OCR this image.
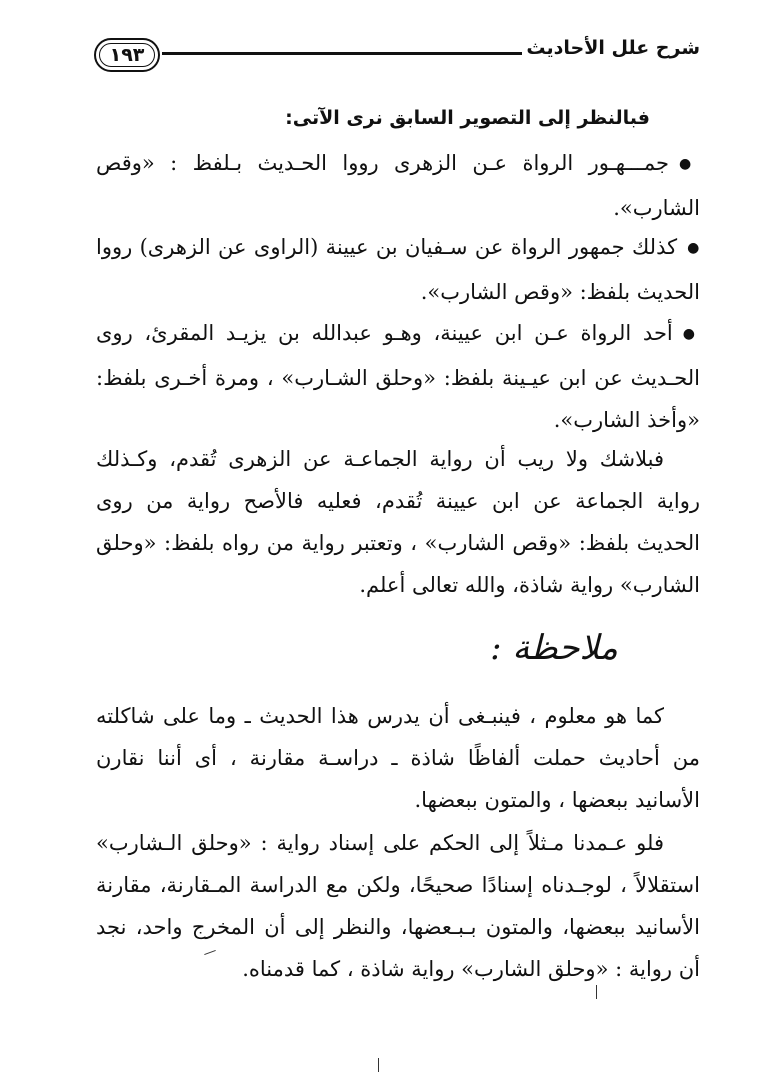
شرح علل الأحاديث
١٩٣
فبالنظر إلى التصوير السابق نرى الآتى:
● جمـــهـور الرواة عـن الزهرى رووا الحـديث بـلفظ : «وقص الشارب».
● كذلك جمهور الرواة عن سـفيان بن عيينة (الراوى عن الزهرى) رووا الحديث بلفظ: «وقص الشارب».
● أحد الرواة عـن ابن عيينة، وهـو عبدالله بن يزيـد المقرئ، روى الحـديث عن ابن عيـينة بلفظ: «وحلق الشـارب» ، ومرة أخـرى بلفظ: «وأخذ الشارب».
فبلاشك ولا ريب أن رواية الجماعـة عن الزهرى تُقدم، وكـذلك رواية الجماعة عن ابن عيينة تُقدم، فعليه فالأصح رواية من روى الحديث بلفظ: «وقص الشارب» ، وتعتبر رواية من رواه بلفظ: «وحلق الشارب» رواية شاذة، والله تعالى أعلم.
ملاحظة :
كما هو معلوم ، فينبـغى أن يدرس هذا الحديث ـ وما على شاكلته من أحاديث حملت ألفاظًا شاذة ـ دراسـة مقارنة ، أى أننا نقارن الأسانيد ببعضها ، والمتون ببعضها.
فلو عـمدنا مـثلاً إلى الحكم على إسناد رواية : «وحلق الـشارب» استقلالاً ، لوجـدناه إسنادًا صحيحًا، ولكن مع الدراسة المـقارنة، مقارنة الأسانيد ببعضها، والمتون بـبـعضها، والنظر إلى أن المخرج واحد، نجد أن رواية : «وحلق الشارب» رواية شاذة ، كما قدمناه.
